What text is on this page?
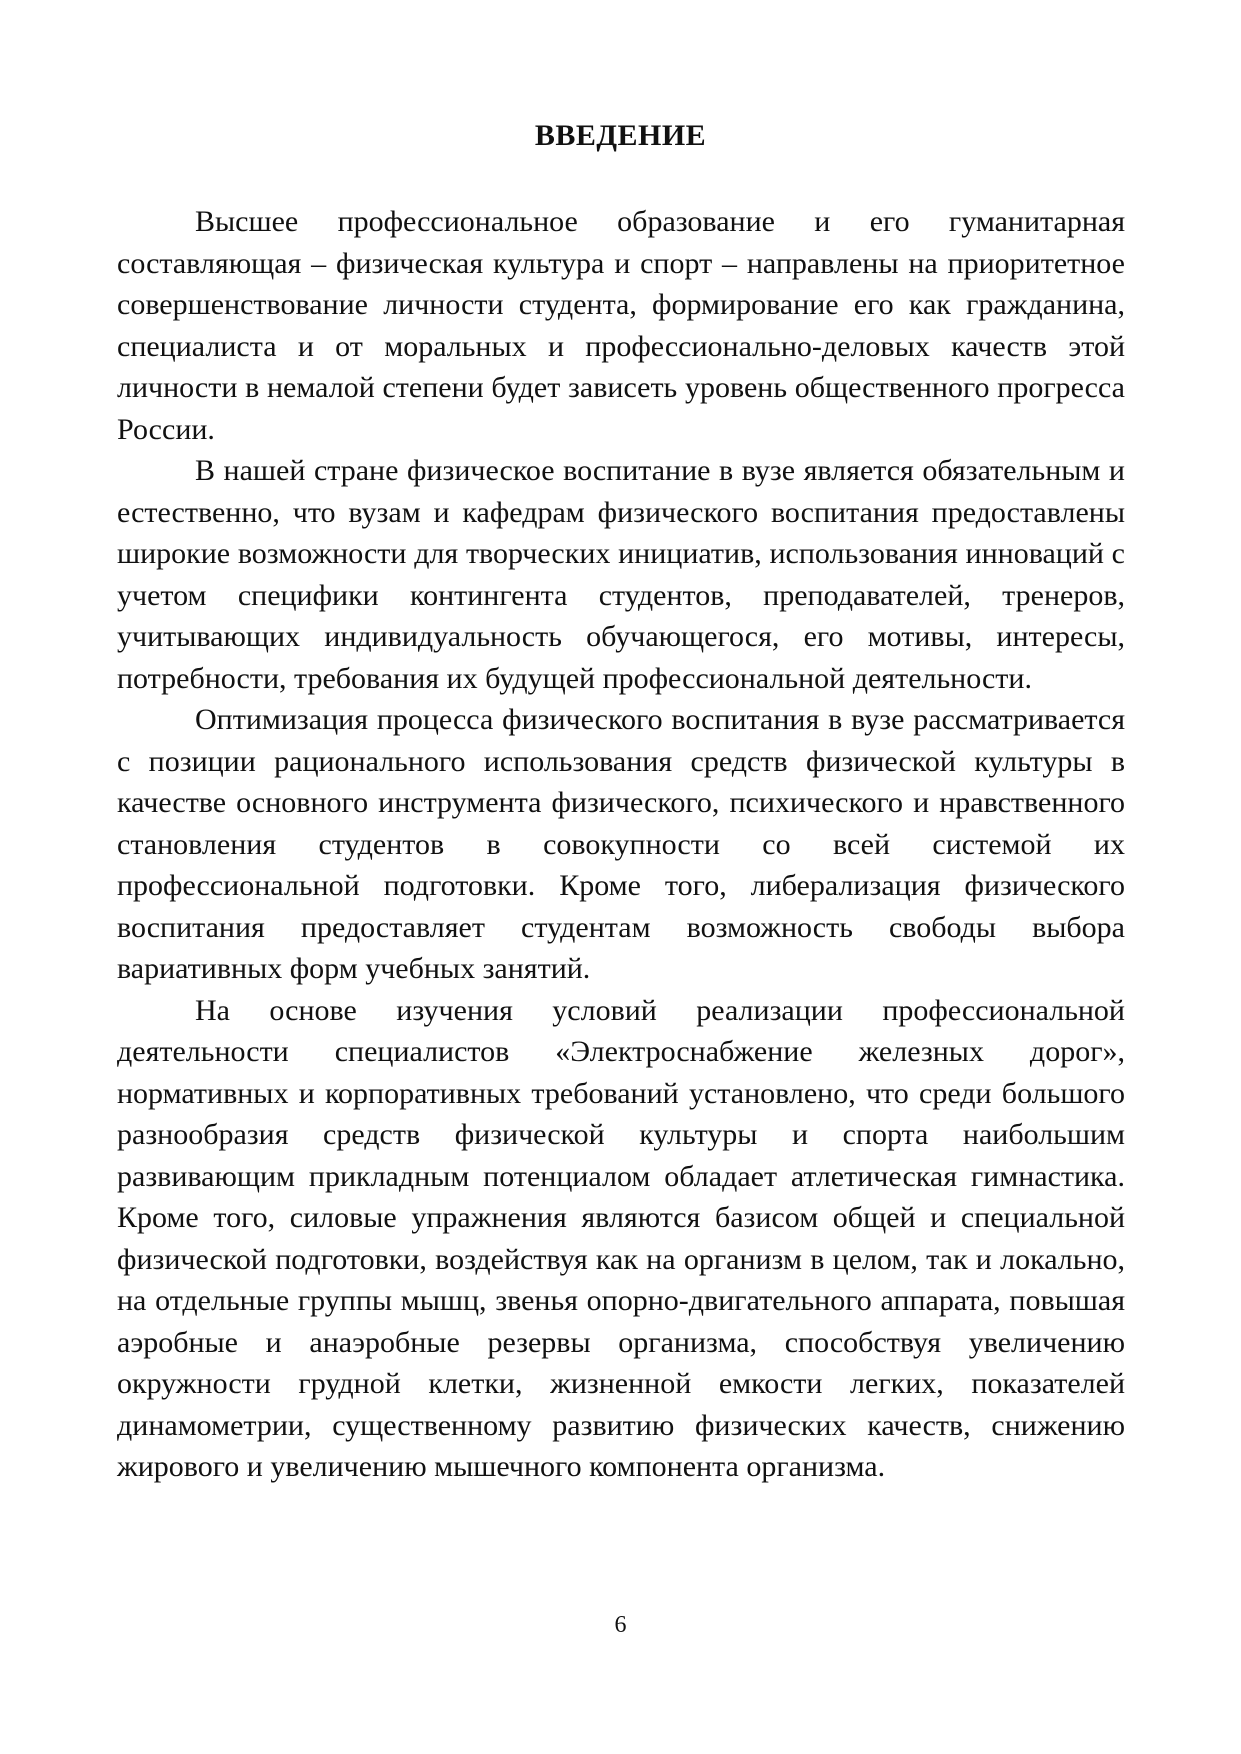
ВВЕДЕНИЕ

Высшее профессиональное образование и его гуманитарная составляющая – физическая культура и спорт – направлены на приоритетное совершенствование личности студента, формирование его как гражданина, специалиста и от моральных и профессионально-деловых качеств этой личности в немалой степени будет зависеть уровень общественного прогресса России.

В нашей стране физическое воспитание в вузе является обязательным и естественно, что вузам и кафедрам физического воспитания предоставлены широкие возможности для творческих инициатив, использования инноваций с учетом специфики контингента студентов, преподавателей, тренеров, учитывающих индивидуальность обучающегося, его мотивы, интересы, потребности, требования их будущей профессиональной деятельности.

Оптимизация процесса физического воспитания в вузе рассматривается с позиции рационального использования средств физической культуры в качестве основного инструмента физического, психического и нравственного становления студентов в совокупности со всей системой их профессиональной подготовки. Кроме того, либерализация физического воспитания предоставляет студентам возможность свободы выбора вариативных форм учебных занятий.

На основе изучения условий реализации профессиональной деятельности специалистов «Электроснабжение железных дорог», нормативных и корпоративных требований установлено, что среди большого разнообразия средств физической культуры и спорта наибольшим развивающим прикладным потенциалом обладает атлетическая гимнастика. Кроме того, силовые упражнения являются базисом общей и специальной физической подготовки, воздействуя как на организм в целом, так и локально, на отдельные группы мышц, звенья опорно-двигательного аппарата, повышая аэробные и анаэробные резервы организма, способствуя увеличению окружности грудной клетки, жизненной емкости легких, показателей динамометрии, существенному развитию физических качеств, снижению жирового и увеличению мышечного компонента организма.

6
